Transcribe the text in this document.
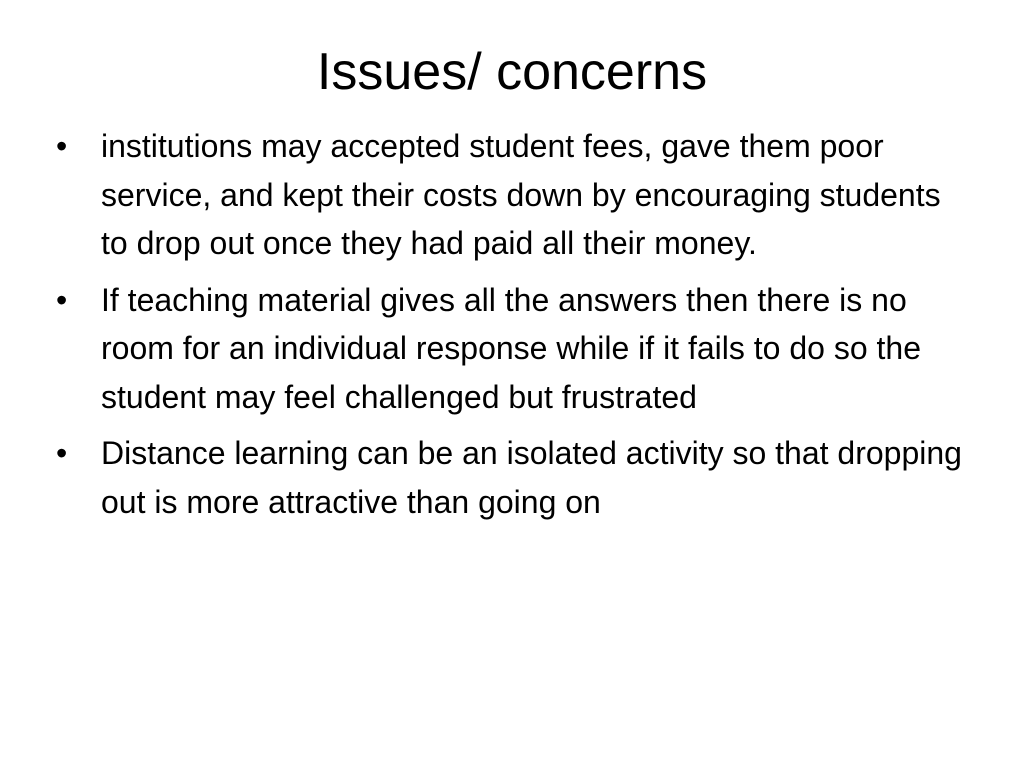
Issues/ concerns
•	institutions may accepted student fees, gave them poor service, and kept their costs down by encouraging students to drop out once they had paid all their money.
•	If teaching material gives all the answers then there is no room for an individual response while if it fails to do so the student may feel challenged but frustrated
•	Distance learning can be an isolated activity so that dropping out is more attractive than going on
